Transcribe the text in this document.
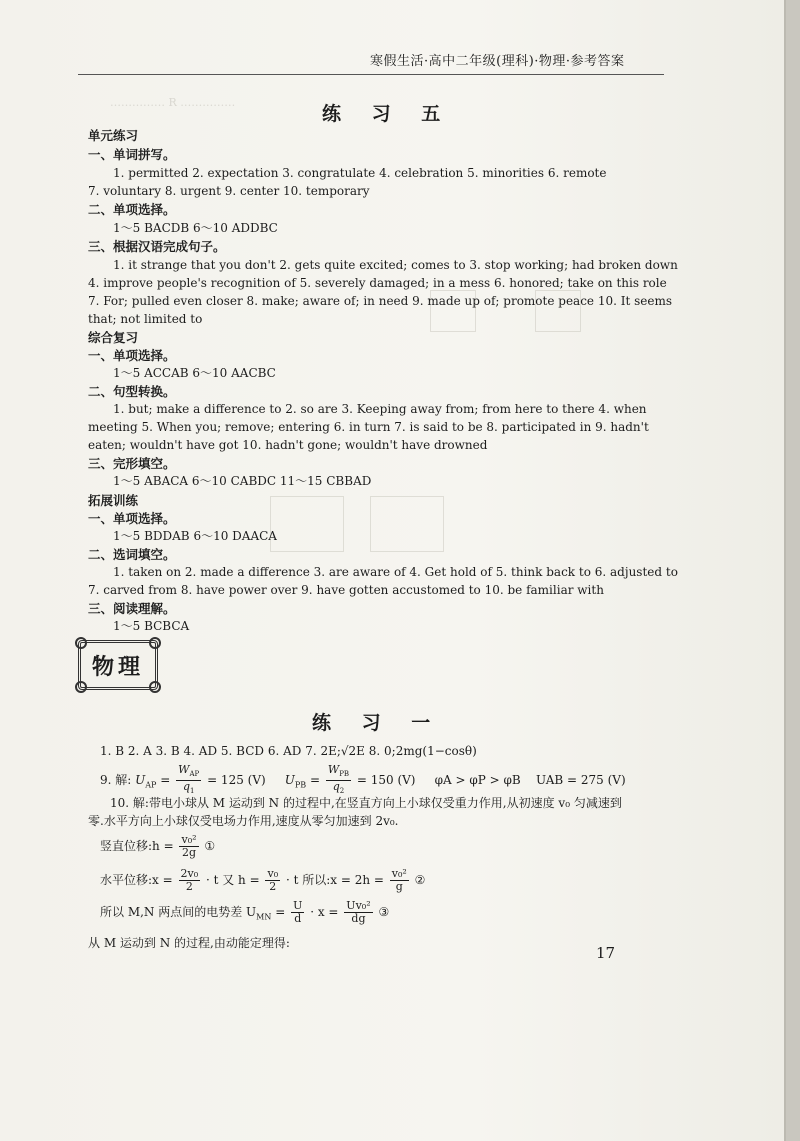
…………… R ……………
寒假生活·高中二年级(理科)·物理·参考答案
练 习 五
单元练习
一、单词拼写。
1. permitted 2. expectation 3. congratulate 4. celebration 5. minorities 6. remote
7. voluntary 8. urgent 9. center 10. temporary
二、单项选择。
1～5 BACDB 6～10 ADDBC
三、根据汉语完成句子。
1. it strange that you don't 2. gets quite excited; comes to 3. stop working; had broken down
4. improve people's recognition of 5. severely damaged; in a mess 6. honored; take on this role
7. For; pulled even closer 8. make; aware of; in need 9. made up of; promote peace 10. It seems
that; not limited to
综合复习
一、单项选择。
1～5 ACCAB 6～10 AACBC
二、句型转换。
1. but; make a difference to 2. so are 3. Keeping away from; from here to there 4. when
meeting 5. When you; remove; entering 6. in turn 7. is said to be 8. participated in 9. hadn't
eaten; wouldn't have got 10. hadn't gone; wouldn't have drowned
三、完形填空。
1～5 ABACA 6～10 CABDC 11～15 CBBAD
拓展训练
一、单项选择。
1～5 BDDAB 6～10 DAACA
二、选词填空。
1. taken on 2. made a difference 3. are aware of 4. Get hold of 5. think back to 6. adjusted to
7. carved from 8. have power over 9. have gotten accustomed to 10. be familiar with
三、阅读理解。
1～5 BCBCA
物理
练 习 一
1. B 2. A 3. B 4. AD 5. BCD 6. AD 7. 2E;√2E 8. 0;2mg(1−cosθ)
9. 解: $U_{AP} = \frac{W_{AP}}{q_1} = 125$ (V) $U_{PB} = \frac{W_{PB}}{q_2} = 150$ (V) φA > φP > φB UAB = 275 (V)
10. 解:带电小球从 M 运动到 N 的过程中,在竖直方向上小球仅受重力作用,从初速度 v₀ 匀减速到
零.水平方向上小球仅受电场力作用,速度从零匀加速到 2v₀.
竖直位移:h = $\frac{\text{v₀²}}{2g}$ ①
水平位移:x = $\frac{\text{2v₀}}{2} \cdot t$ 又 $h = \frac{\text{v₀}}{2} \cdot t$ 所以:x = $2h = \frac{\text{v₀²}}{g}$ ②
所以 M,N 两点间的电势差 $U_{MN} = \frac{U}{d} \cdot x = \frac{\text{Uv₀²}}{dg}$ ③
从 M 运动到 N 的过程,由动能定理得:
17
